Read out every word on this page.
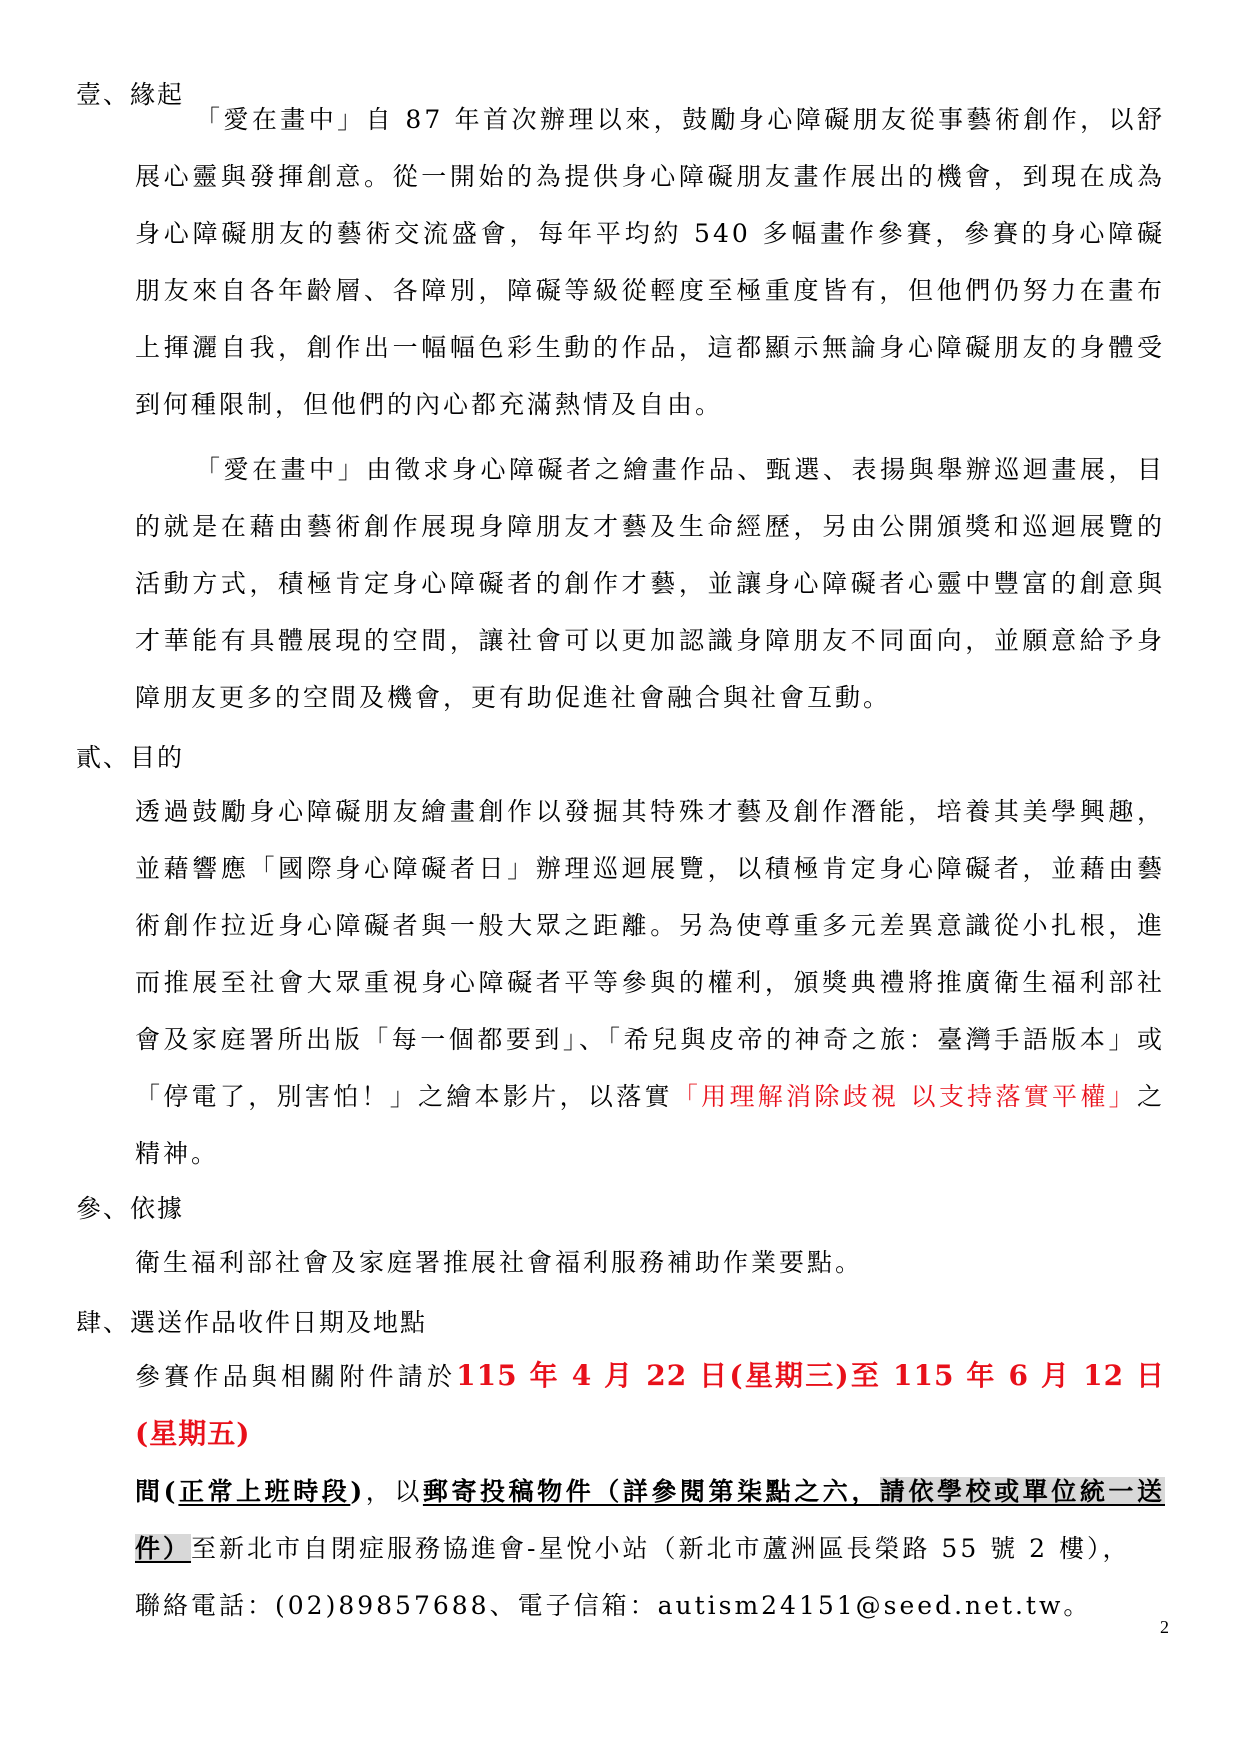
壹、緣起
「愛在畫中」自 87 年首次辦理以來，鼓勵身心障礙朋友從事藝術創作，以舒展心靈與發揮創意。從一開始的為提供身心障礙朋友畫作展出的機會，到現在成為身心障礙朋友的藝術交流盛會，每年平均約 540 多幅畫作參賽，參賽的身心障礙朋友來自各年齡層、各障別，障礙等級從輕度至極重度皆有，但他們仍努力在畫布上揮灑自我，創作出一幅幅色彩生動的作品，這都顯示無論身心障礙朋友的身體受到何種限制，但他們的內心都充滿熱情及自由。
「愛在畫中」由徵求身心障礙者之繪畫作品、甄選、表揚與舉辦巡迴畫展，目的就是在藉由藝術創作展現身障朋友才藝及生命經歷，另由公開頒獎和巡迴展覽的活動方式，積極肯定身心障礙者的創作才藝，並讓身心障礙者心靈中豐富的創意與才華能有具體展現的空間，讓社會可以更加認識身障朋友不同面向，並願意給予身障朋友更多的空間及機會，更有助促進社會融合與社會互動。
貳、目的
透過鼓勵身心障礙朋友繪畫創作以發掘其特殊才藝及創作潛能，培養其美學興趣，並藉響應「國際身心障礙者日」辦理巡迴展覽，以積極肯定身心障礙者，並藉由藝術創作拉近身心障礙者與一般大眾之距離。另為使尊重多元差異意識從小扎根，進而推展至社會大眾重視身心障礙者平等參與的權利，頒獎典禮將推廣衛生福利部社會及家庭署所出版「每一個都要到」、「希兒與皮帝的神奇之旅：臺灣手語版本」或「停電了，別害怕！」之繪本影片，以落實「用理解消除歧視 以支持落實平權」之精神。
參、依據
衛生福利部社會及家庭署推展社會福利服務補助作業要點。
肆、選送作品收件日期及地點
參賽作品與相關附件請於115 年 4 月 22 日(星期三)至 115 年 6 月 12 日(星期五)
間(正常上班時段)，以郵寄投稿物件（詳參閱第柒點之六，請依學校或單位統一送件）至新北市自閉症服務協進會-星悅小站（新北市蘆洲區長榮路 55 號 2 樓），
聯絡電話：(02)89857688、電子信箱：autism24151@seed.net.tw。
2
